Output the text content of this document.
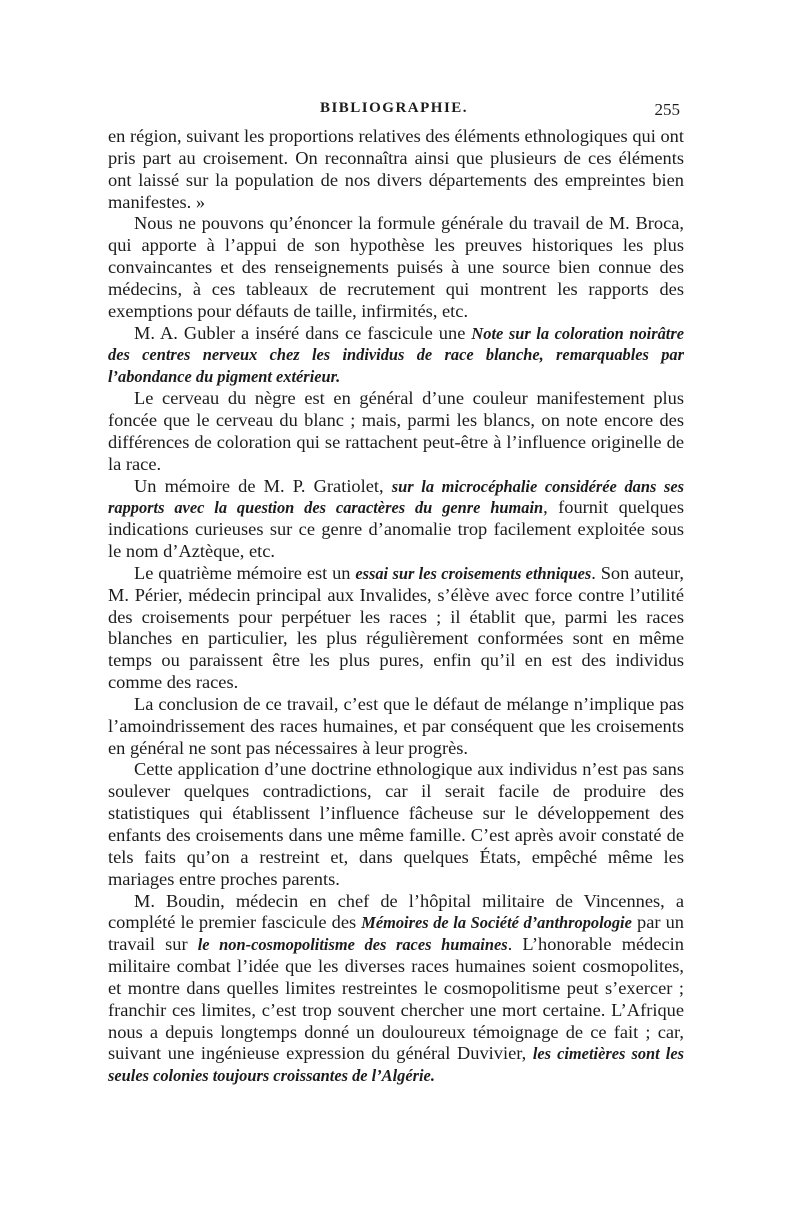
BIBLIOGRAPHIE.	255

en région, suivant les proportions relatives des éléments ethnologiques qui ont pris part au croisement. On reconnaîtra ainsi que plusieurs de ces éléments ont laissé sur la population de nos divers départements des empreintes bien manifestes. »

Nous ne pouvons qu’énoncer la formule générale du travail de M. Broca, qui apporte à l’appui de son hypothèse les preuves historiques les plus convaincantes et des renseignements puisés à une source bien connue des médecins, à ces tableaux de recrutement qui montrent les rapports des exemptions pour défauts de taille, infirmités, etc.

M. A. Gubler a inséré dans ce fascicule une Note sur la coloration noirâtre des centres nerveux chez les individus de race blanche, remarquables par l’abondance du pigment extérieur.

Le cerveau du nègre est en général d’une couleur manifestement plus foncée que le cerveau du blanc ; mais, parmi les blancs, on note encore des différences de coloration qui se rattachent peut-être à l’influence originelle de la race.

Un mémoire de M. P. Gratiolet, sur la microcéphalie considérée dans ses rapports avec la question des caractères du genre humain, fournit quelques indications curieuses sur ce genre d’anomalie trop facilement exploitée sous le nom d’Aztèque, etc.

Le quatrième mémoire est un essai sur les croisements ethniques. Son auteur, M. Périer, médecin principal aux Invalides, s’élève avec force contre l’utilité des croisements pour perpétuer les races ; il établit que, parmi les races blanches en particulier, les plus régulièrement conformées sont en même temps ou paraissent être les plus pures, enfin qu’il en est des individus comme des races.

La conclusion de ce travail, c’est que le défaut de mélange n’implique pas l’amoindrissement des races humaines, et par conséquent que les croisements en général ne sont pas nécessaires à leur progrès.

Cette application d’une doctrine ethnologique aux individus n’est pas sans soulever quelques contradictions, car il serait facile de produire des statistiques qui établissent l’influence fâcheuse sur le développement des enfants des croisements dans une même famille. C’est après avoir constaté de tels faits qu’on a restreint et, dans quelques États, empêché même les mariages entre proches parents.

M. Boudin, médecin en chef de l’hôpital militaire de Vincennes, a complété le premier fascicule des Mémoires de la Société d’anthropologie par un travail sur le non-cosmopolitisme des races humaines. L’honorable médecin militaire combat l’idée que les diverses races humaines soient cosmopolites, et montre dans quelles limites restreintes le cosmopolitisme peut s’exercer ; franchir ces limites, c’est trop souvent chercher une mort certaine. L’Afrique nous a depuis longtemps donné un douloureux témoignage de ce fait ; car, suivant une ingénieuse expression du général Duvivier, les cimetières sont les seules colonies toujours croissantes de l’Algérie.
